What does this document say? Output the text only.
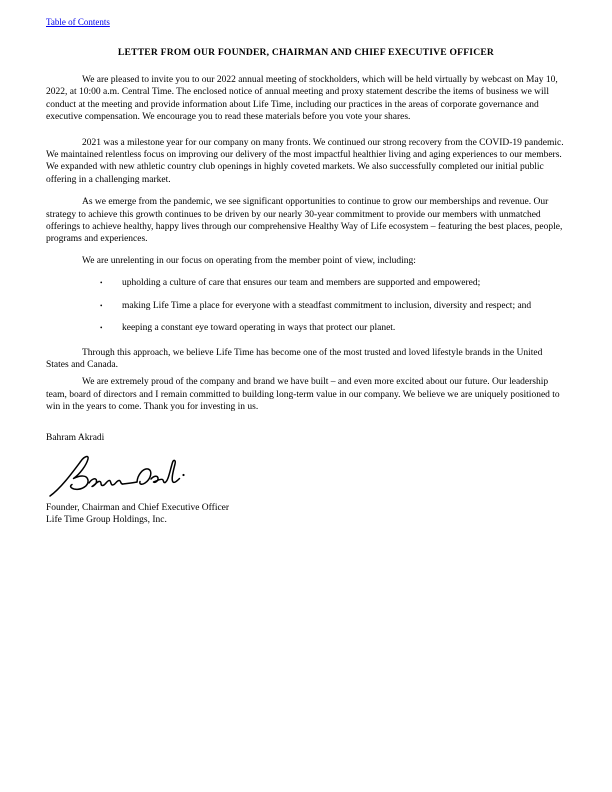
Table of Contents
LETTER FROM OUR FOUNDER, CHAIRMAN AND CHIEF EXECUTIVE OFFICER

We are pleased to invite you to our 2022 annual meeting of stockholders, which will be held virtually by webcast on May 10, 2022, at 10:00 a.m. Central Time. The enclosed notice of annual meeting and proxy statement describe the items of business we will conduct at the meeting and provide information about Life Time, including our practices in the areas of corporate governance and executive compensation. We encourage you to read these materials before you vote your shares.

2021 was a milestone year for our company on many fronts. We continued our strong recovery from the COVID-19 pandemic. We maintained relentless focus on improving our delivery of the most impactful healthier living and aging experiences to our members. We expanded with new athletic country club openings in highly coveted markets. We also successfully completed our initial public offering in a challenging market.

As we emerge from the pandemic, we see significant opportunities to continue to grow our memberships and revenue. Our strategy to achieve this growth continues to be driven by our nearly 30-year commitment to provide our members with unmatched offerings to achieve healthy, happy lives through our comprehensive Healthy Way of Life ecosystem – featuring the best places, people, programs and experiences.

We are unrelenting in our focus on operating from the member point of view, including:

•	upholding a culture of care that ensures our team and members are supported and empowered;
•	making Life Time a place for everyone with a steadfast commitment to inclusion, diversity and respect; and
•	keeping a constant eye toward operating in ways that protect our planet.

Through this approach, we believe Life Time has become one of the most trusted and loved lifestyle brands in the United States and Canada.

We are extremely proud of the company and brand we have built – and even more excited about our future. Our leadership team, board of directors and I remain committed to building long-term value in our company. We believe we are uniquely positioned to win in the years to come. Thank you for investing in us.

Bahram Akradi
Founder, Chairman and Chief Executive Officer
Life Time Group Holdings, Inc.
